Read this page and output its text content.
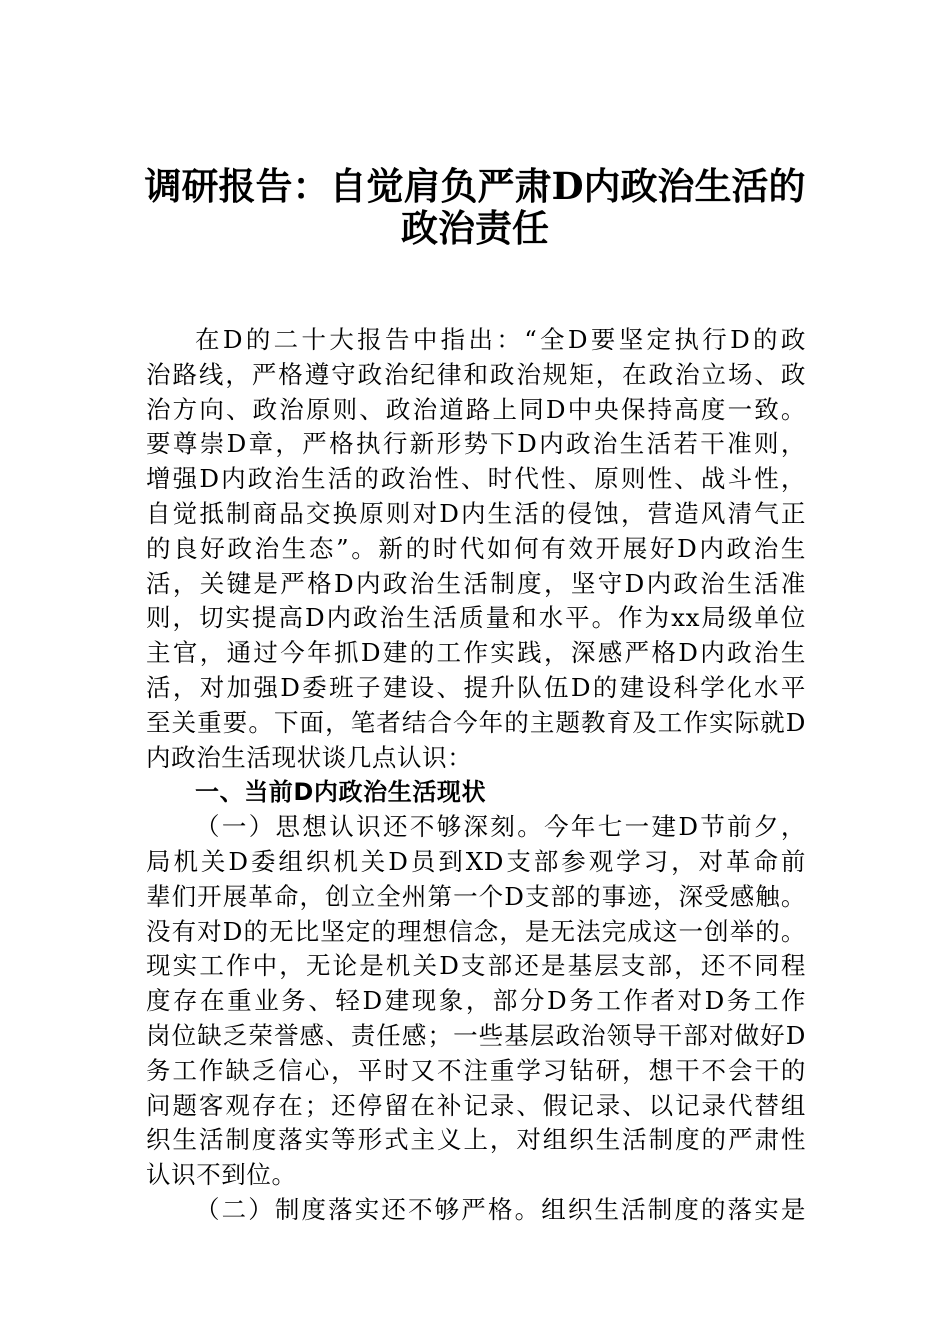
调研报告：自觉肩负严肃D内政治生活的
政治责任
在D的二十大报告中指出：“全D要坚定执行D的政
治路线，严格遵守政治纪律和政治规矩，在政治立场、政
治方向、政治原则、政治道路上同D中央保持高度一致。
要尊崇D章，严格执行新形势下D内政治生活若干准则，
增强D内政治生活的政治性、时代性、原则性、战斗性，
自觉抵制商品交换原则对D内生活的侵蚀，营造风清气正
的良好政治生态”。新的时代如何有效开展好D内政治生
活，关键是严格D内政治生活制度，坚守D内政治生活准
则，切实提高D内政治生活质量和水平。作为xx局级单位
主官，通过今年抓D建的工作实践，深感严格D内政治生
活，对加强D委班子建设、提升队伍D的建设科学化水平
至关重要。下面，笔者结合今年的主题教育及工作实际就D
内政治生活现状谈几点认识：
一、当前D内政治生活现状
（一）思想认识还不够深刻。今年七一建D节前夕，
局机关D委组织机关D员到XD支部参观学习，对革命前
辈们开展革命，创立全州第一个D支部的事迹，深受感触。
没有对D的无比坚定的理想信念，是无法完成这一创举的。
现实工作中，无论是机关D支部还是基层支部，还不同程
度存在重业务、轻D建现象，部分D务工作者对D务工作
岗位缺乏荣誉感、责任感；一些基层政治领导干部对做好D
务工作缺乏信心，平时又不注重学习钻研，想干不会干的
问题客观存在；还停留在补记录、假记录、以记录代替组
织生活制度落实等形式主义上，对组织生活制度的严肃性
认识不到位。
（二）制度落实还不够严格。组织生活制度的落实是
